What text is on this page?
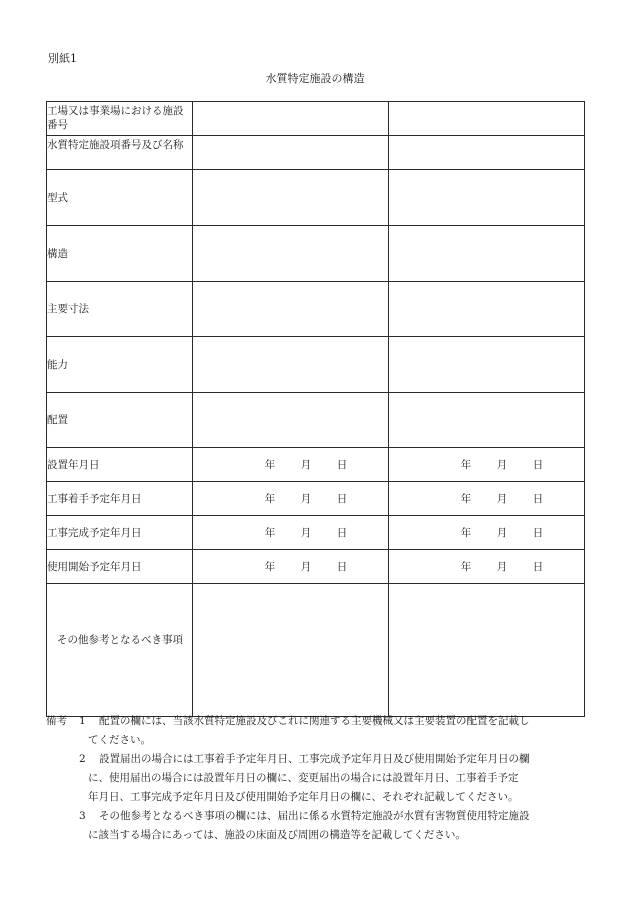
別紙1
水質特定施設の構造
工場又は事業場における施設番号		
水質特定施設項番号及び名称		
型式		
構造		
主要寸法		
能力		
配置		
設置年月日	年 月 日	年 月 日

工事着手予定年月日	年 月 日	年 月 日

工事完成予定年月日	年 月 日	年 月 日

使用開始予定年月日	年 月 日	年 月 日

その他参考となるべき事項		
備考	1	配置の欄には、当該水質特定施設及びこれに関連する主要機械又は主要装置の配置を記載し
てください。
2	設置届出の場合には工事着手予定年月日、工事完成予定年月日及び使用開始予定年月日の欄
に、使用届出の場合には設置年月日の欄に、変更届出の場合には設置年月日、工事着手予定
年月日、工事完成予定年月日及び使用開始予定年月日の欄に、それぞれ記載してください。
3	その他参考となるべき事項の欄には、届出に係る水質特定施設が水質有害物質使用特定施設
に該当する場合にあっては、施設の床面及び周囲の構造等を記載してください。
